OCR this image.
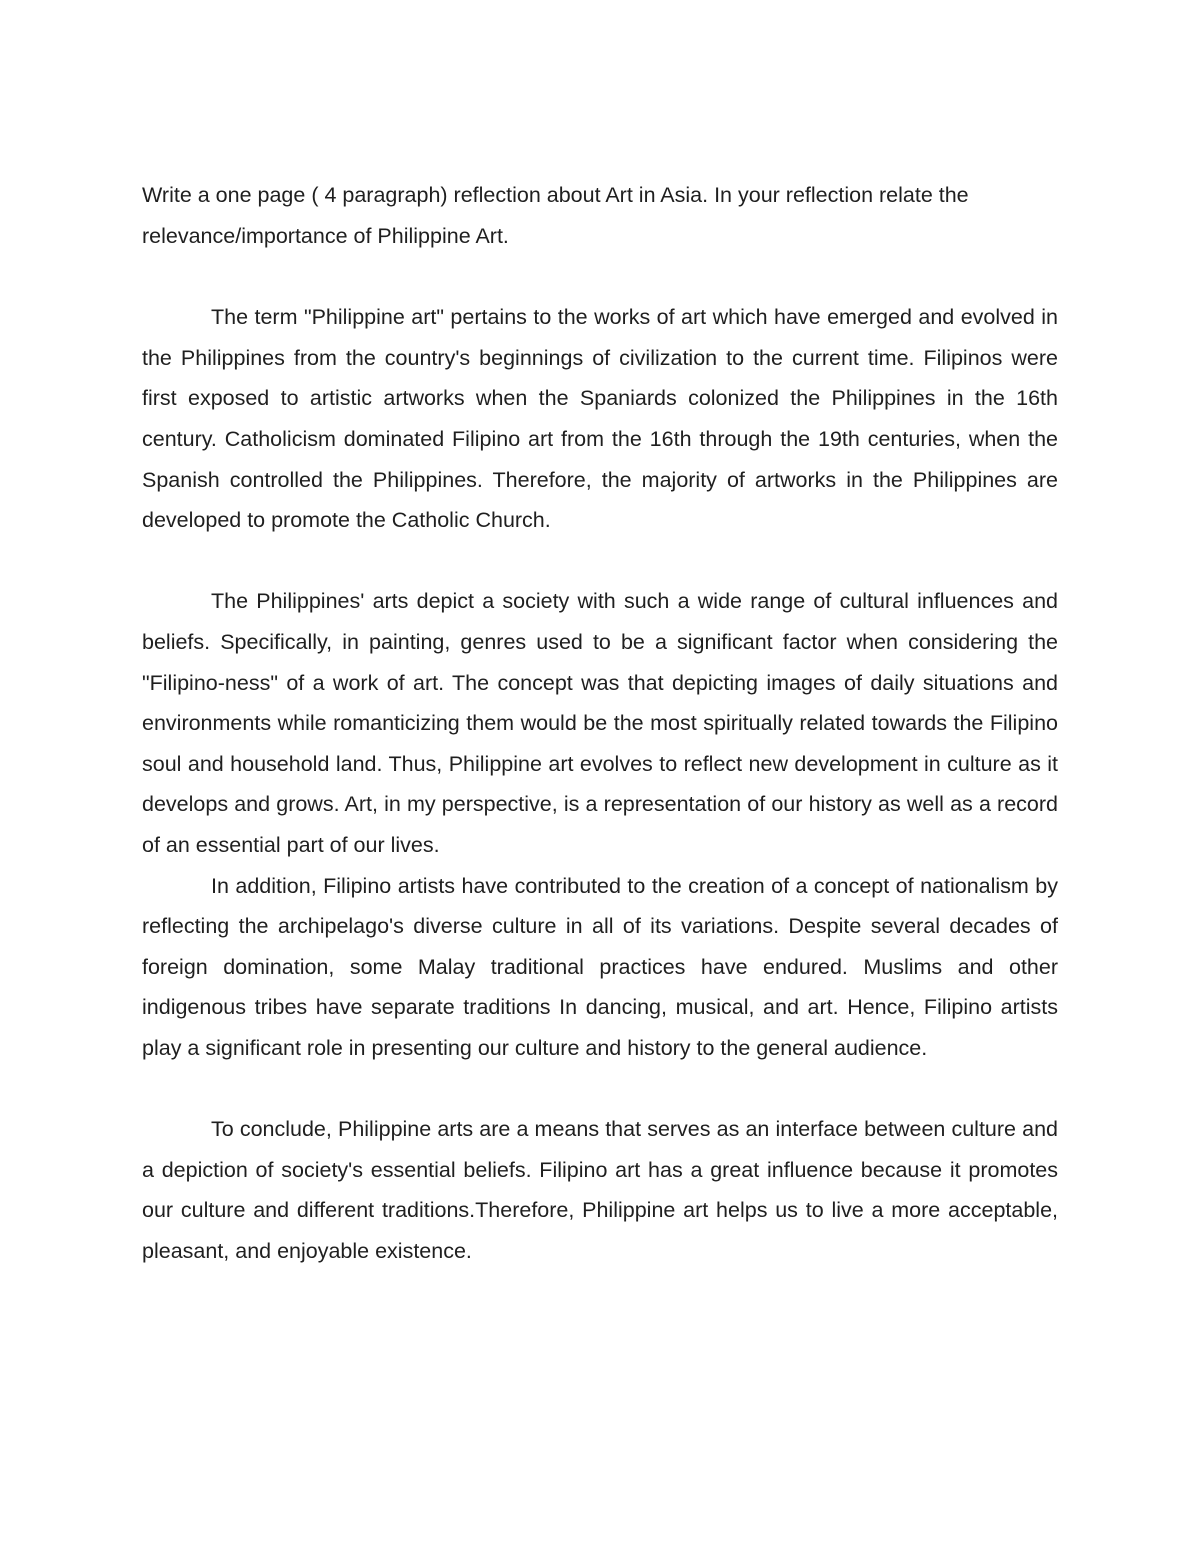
Write a one page ( 4 paragraph) reflection about Art in Asia. In your reflection relate the relevance/importance of Philippine Art.

The term "Philippine art" pertains to the works of art which have emerged and evolved in the Philippines from the country's beginnings of civilization to the current time. Filipinos were first exposed to artistic artworks when the Spaniards colonized the Philippines in the 16th century. Catholicism dominated Filipino art from the 16th through the 19th centuries, when the Spanish controlled the Philippines. Therefore, the majority of artworks in the Philippines are developed to promote the Catholic Church.

The Philippines' arts depict a society with such a wide range of cultural influences and beliefs. Specifically, in painting, genres used to be a significant factor when considering the "Filipino-ness" of a work of art. The concept was that depicting images of daily situations and environments while romanticizing them would be the most spiritually related towards the Filipino soul and household land. Thus, Philippine art evolves to reflect new development in culture as it develops and grows. Art, in my perspective, is a representation of our history as well as a record of an essential part of our lives.

In addition, Filipino artists have contributed to the creation of a concept of nationalism by reflecting the archipelago's diverse culture in all of its variations. Despite several decades of foreign domination, some Malay traditional practices have endured. Muslims and other indigenous tribes have separate traditions In dancing, musical, and art. Hence, Filipino artists play a significant role in presenting our culture and history to the general audience.

To conclude, Philippine arts are a means that serves as an interface between culture and a depiction of society's essential beliefs. Filipino art has a great influence because it promotes our culture and different traditions.Therefore, Philippine art helps us to live a more acceptable, pleasant, and enjoyable existence.
